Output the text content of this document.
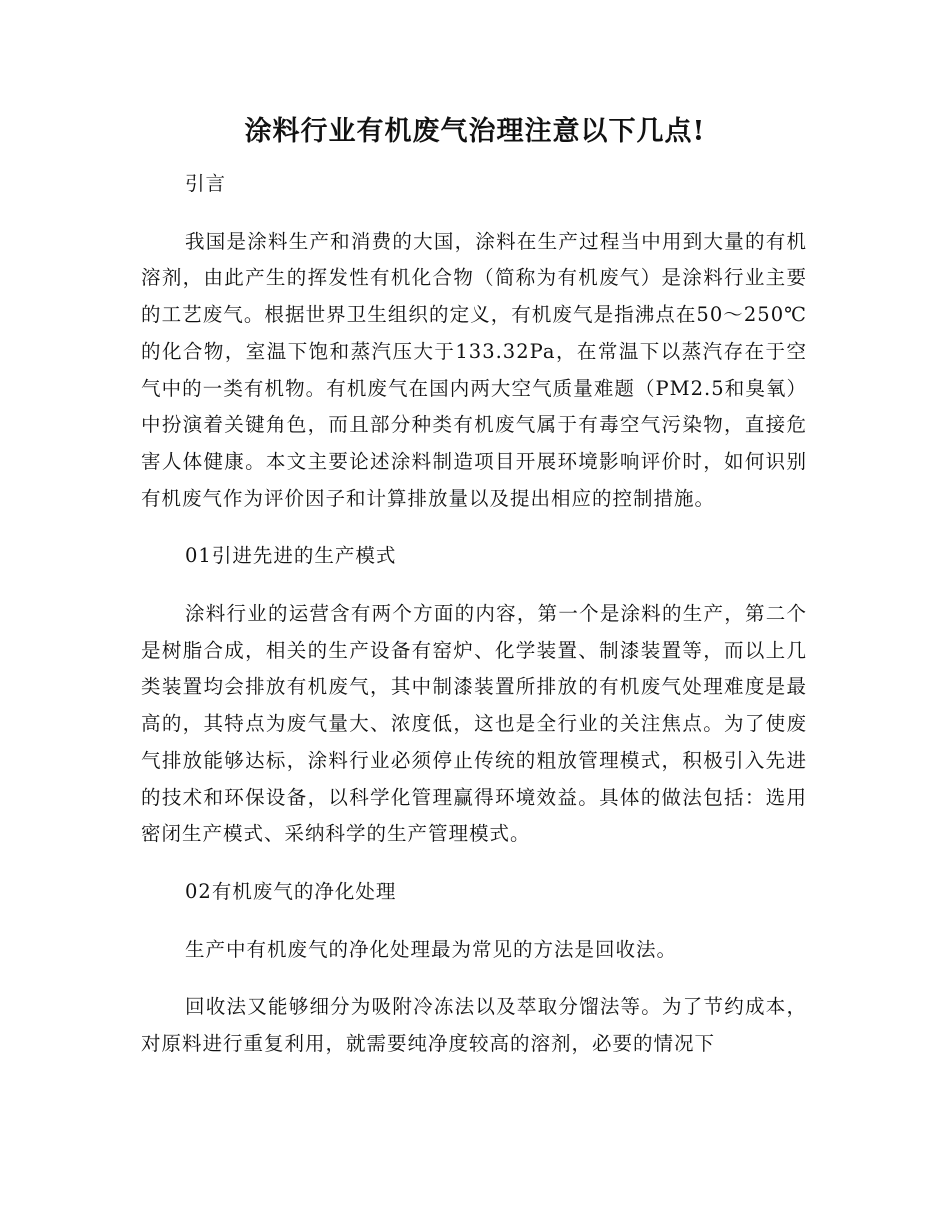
涂料行业有机废气治理注意以下几点!

引言

我国是涂料生产和消费的大国，涂料在生产过程当中用到大量的有机溶剂，由此产生的挥发性有机化合物（简称为有机废气）是涂料行业主要的工艺废气。根据世界卫生组织的定义，有机废气是指沸点在50～250℃的化合物，室温下饱和蒸汽压大于133.32Pa，在常温下以蒸汽存在于空气中的一类有机物。有机废气在国内两大空气质量难题（PM2.5和臭氧）中扮演着关键角色，而且部分种类有机废气属于有毒空气污染物，直接危害人体健康。本文主要论述涂料制造项目开展环境影响评价时，如何识别有机废气作为评价因子和计算排放量以及提出相应的控制措施。

01引进先进的生产模式

涂料行业的运营含有两个方面的内容，第一个是涂料的生产，第二个是树脂合成，相关的生产设备有窑炉、化学装置、制漆装置等，而以上几类装置均会排放有机废气，其中制漆装置所排放的有机废气处理难度是最高的，其特点为废气量大、浓度低，这也是全行业的关注焦点。为了使废气排放能够达标，涂料行业必须停止传统的粗放管理模式，积极引入先进的技术和环保设备，以科学化管理赢得环境效益。具体的做法包括：选用密闭生产模式、采纳科学的生产管理模式。

02有机废气的净化处理

生产中有机废气的净化处理最为常见的方法是回收法。

回收法又能够细分为吸附冷冻法以及萃取分馏法等。为了节约成本，对原料进行重复利用，就需要纯净度较高的溶剂，必要的情况下
